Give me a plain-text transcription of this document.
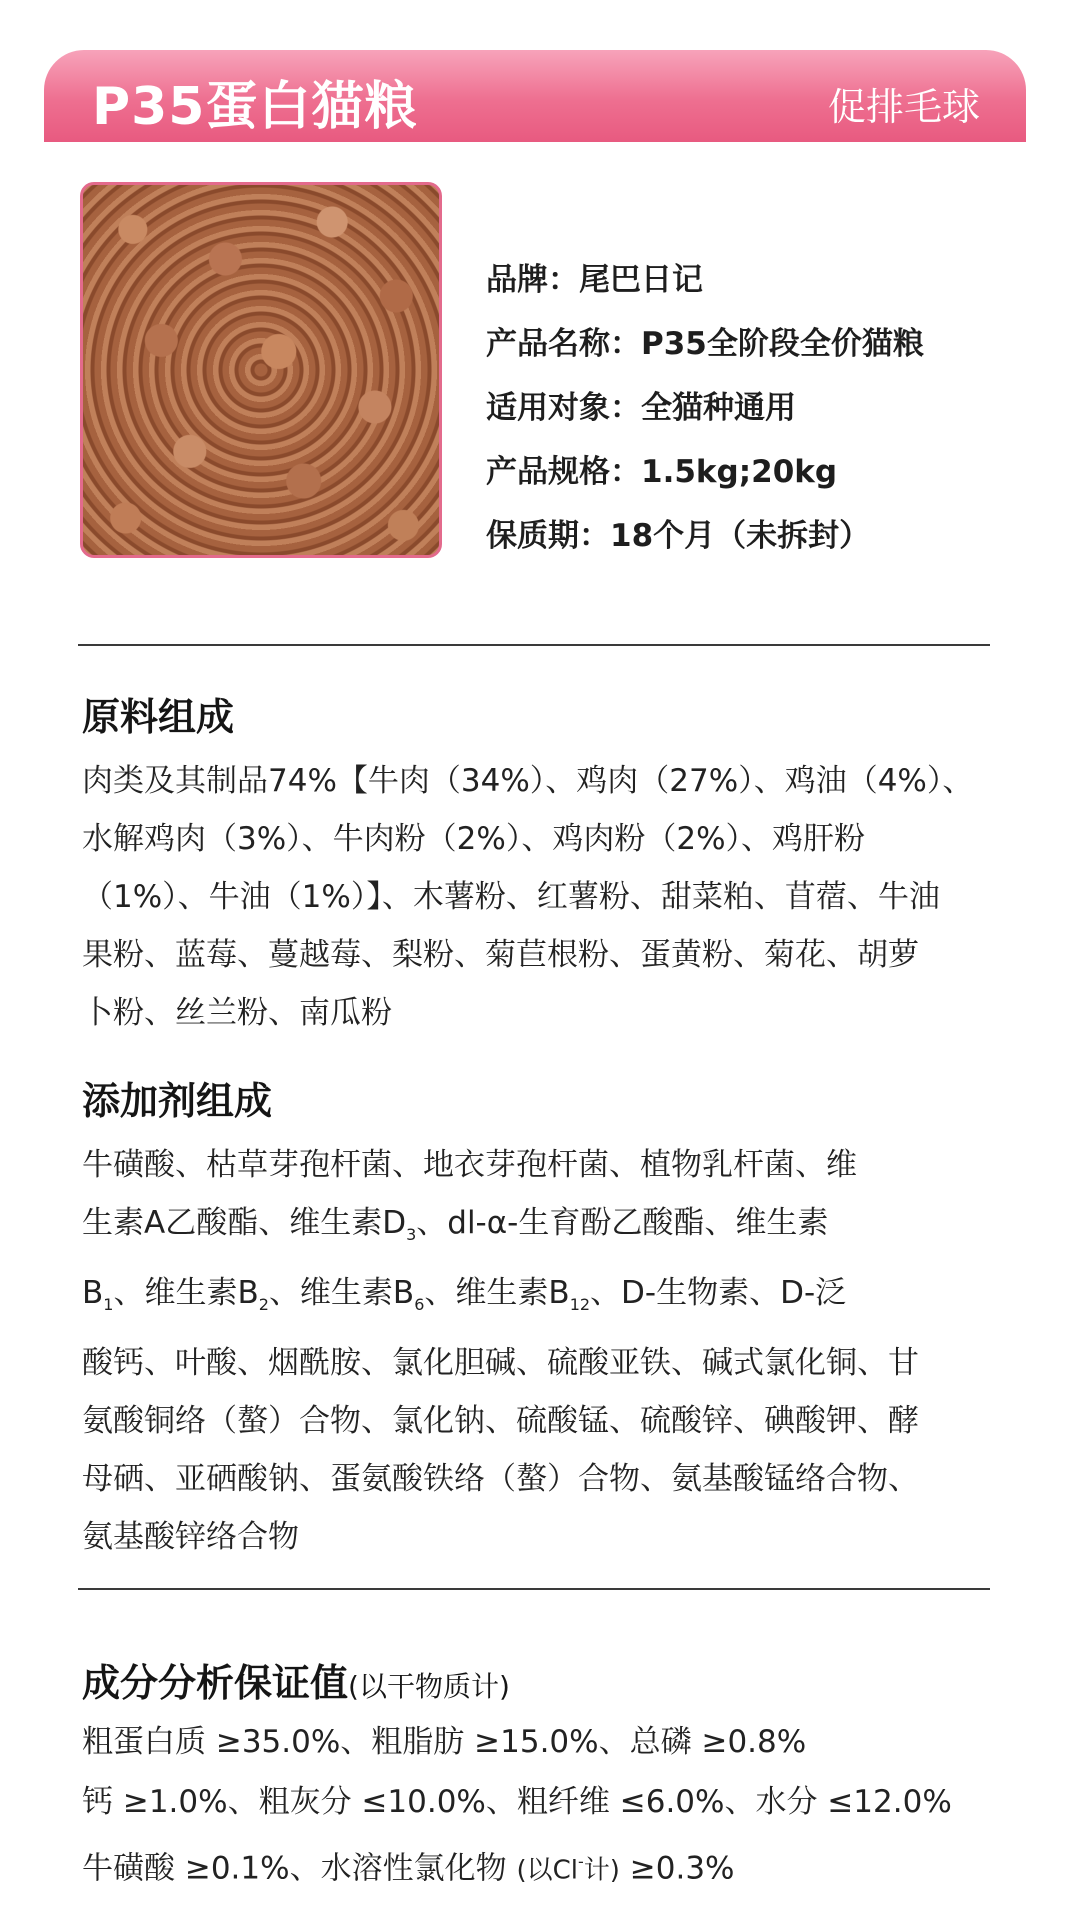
P35蛋白猫粮	促排毛球
品牌：尾巴日记
产品名称：P35全阶段全价猫粮
适用对象：全猫种通用
产品规格：1.5kg;20kg
保质期：18个月（未拆封）
原料组成
肉类及其制品74%【牛肉（34%）、鸡肉（27%）、鸡油（4%）、
水解鸡肉（3%）、牛肉粉（2%）、鸡肉粉（2%）、鸡肝粉
（1%）、牛油（1%）】、木薯粉、红薯粉、甜菜粕、苜蓿、牛油
果粉、蓝莓、蔓越莓、梨粉、菊苣根粉、蛋黄粉、菊花、胡萝
卜粉、丝兰粉、南瓜粉
添加剂组成
牛磺酸、枯草芽孢杆菌、地衣芽孢杆菌、植物乳杆菌、维
生素A乙酸酯、维生素$D_3$、dl-α-生育酚乙酸酯、维生素
$B_1$、维生素$B_2$、维生素$B_6$、维生素$B_{12}$、D-生物素、D-泛
酸钙、叶酸、烟酰胺、氯化胆碱、硫酸亚铁、碱式氯化铜、甘
氨酸铜络（螯）合物、氯化钠、硫酸锰、硫酸锌、碘酸钾、酵
母硒、亚硒酸钠、蛋氨酸铁络（螯）合物、氨基酸锰络合物、
氨基酸锌络合物
成分分析保证值(以干物质计)
粗蛋白质 ≥35.0%、粗脂肪 ≥15.0%、总磷 ≥0.8%
钙 ≥1.0%、粗灰分 ≤10.0%、粗纤维 ≤6.0%、水分 ≤12.0%
牛磺酸 ≥0.1%、水溶性氯化物 (以Cl-计) ≥0.3%
